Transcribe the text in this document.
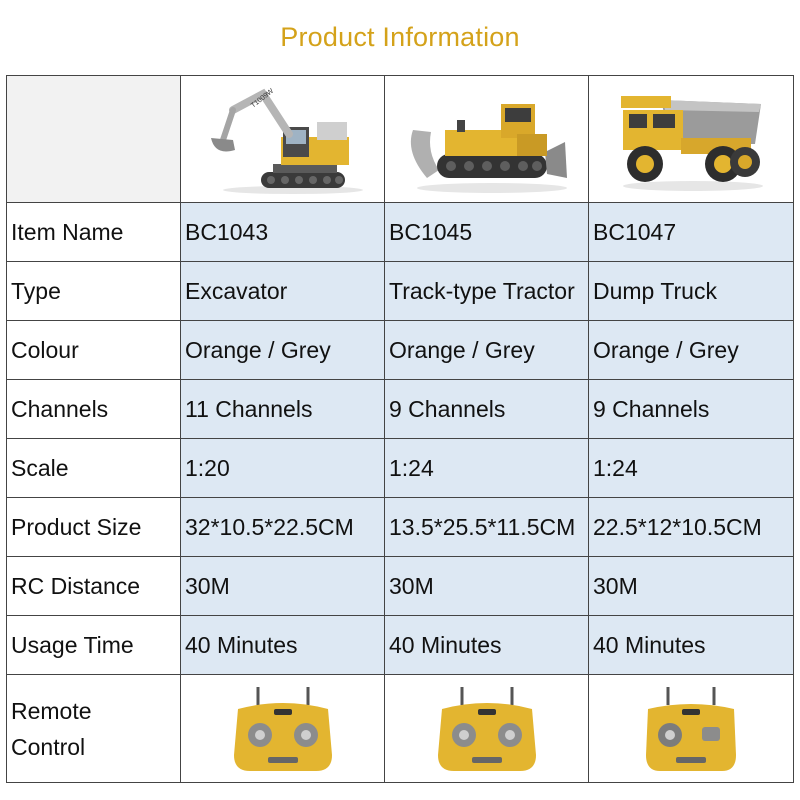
Product Information

T1009W

Item Name	BC1043	BC1045	BC1047
Type	Excavator	Track-type Tractor	Dump Truck
Colour	Orange / Grey	Orange / Grey	Orange / Grey
Channels	11 Channels	9 Channels	9 Channels
Scale	1:20	1:24	1:24
Product Size	32*10.5*22.5CM	13.5*25.5*11.5CM	22.5*12*10.5CM
RC Distance	30M	30M	30M
Usage Time	40 Minutes	40 Minutes	40 Minutes

Remote
Control
